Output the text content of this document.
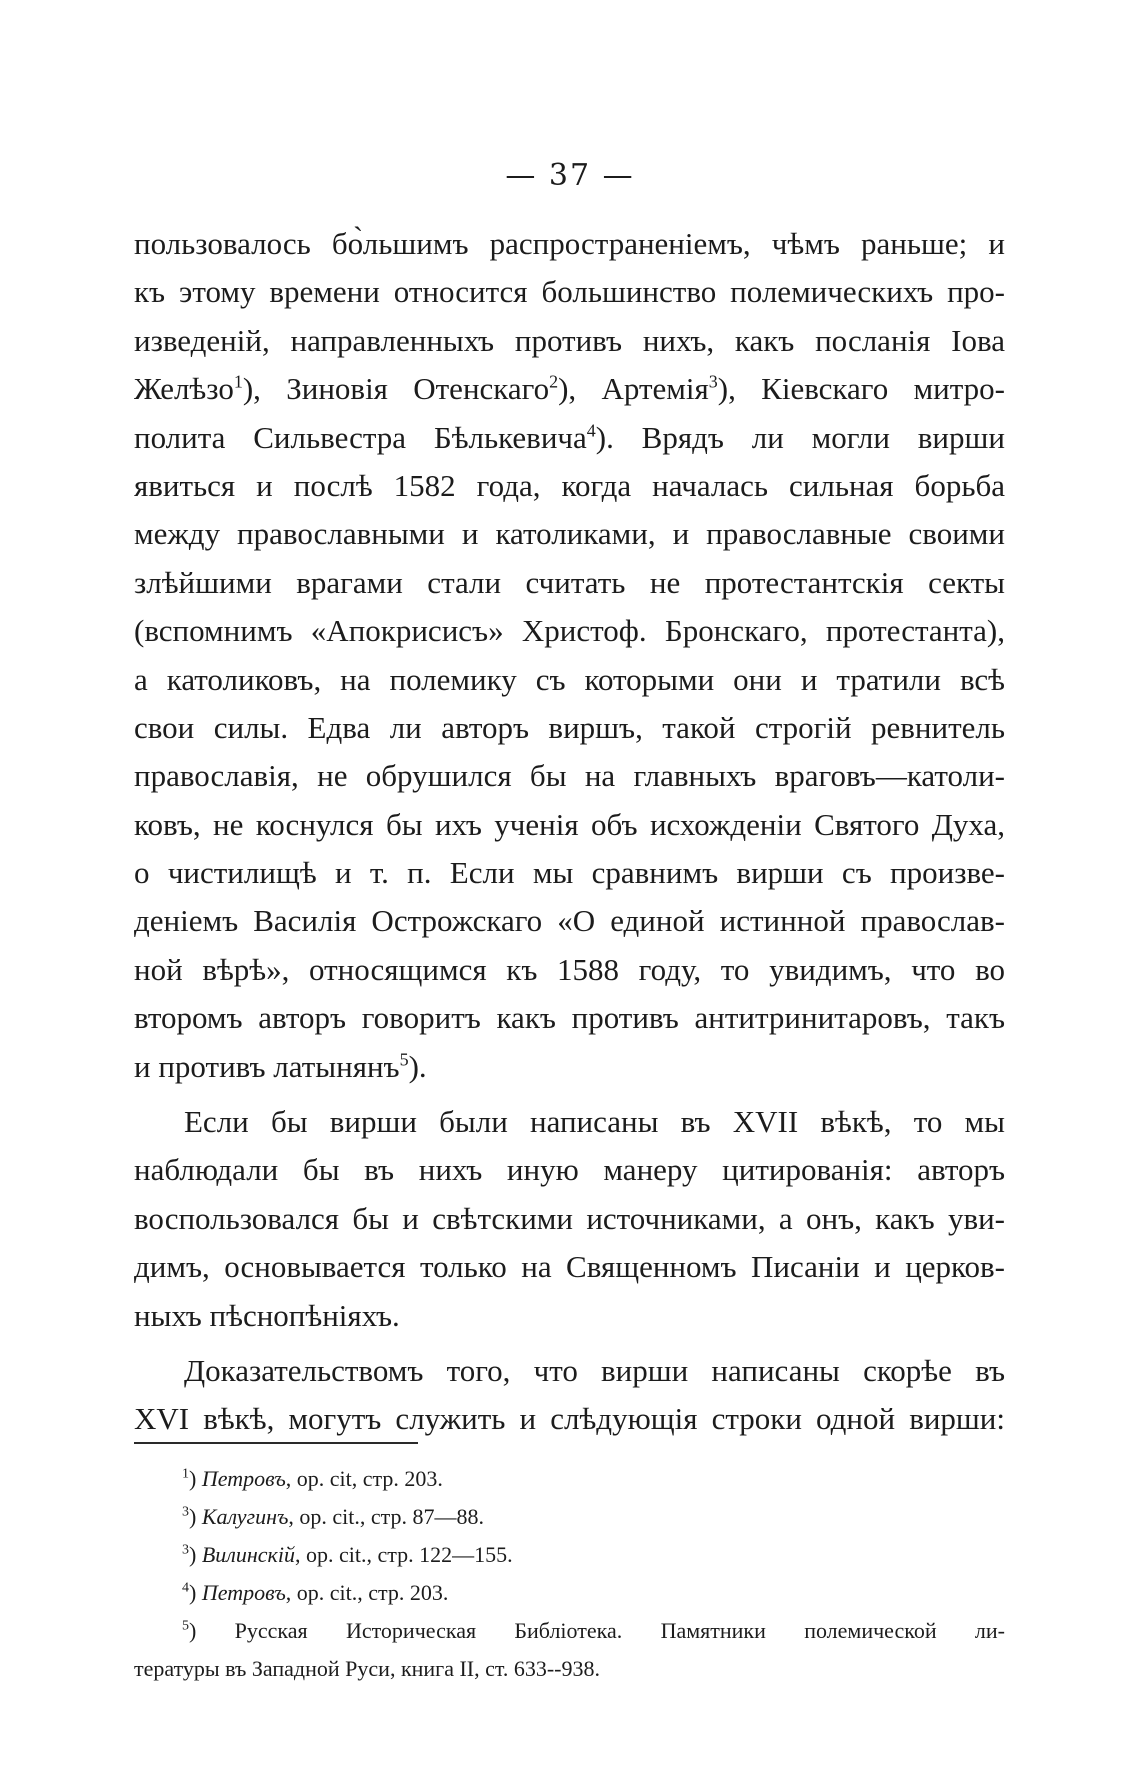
— 37 —
пользовалось бо̀льшимъ распространеніемъ, чѣмъ раньше; и
къ этому времени относится большинство полемическихъ про-
изведеній, направленныхъ противъ нихъ, какъ посланія Іова
Желѣзо$^1$), Зиновія Отенскаго$^2$), Артемія$^3$), Кіевскаго митро-
полита Сильвестра Бѣлькевича$^4$). Врядъ ли могли вирши
явиться и послѣ 1582 года, когда началась сильная борьба
между православными и католиками, и православные своими
злѣйшими врагами стали считать не протестантскія секты
(вспомнимъ «Апокрисисъ» Христоф. Бронскаго, протестанта),
а католиковъ, на полемику съ которыми они и тратили всѣ
свои силы. Едва ли авторъ виршъ, такой строгій ревнитель
православія, не обрушился бы на главныхъ враговъ—католи-
ковъ, не коснулся бы ихъ ученія объ исхожденіи Святого Духа,
о чистилищѣ и т. п. Если мы сравнимъ вирши съ произве-
деніемъ Василія Острожскаго «О единой истинной православ-
ной вѣрѣ», относящимся къ 1588 году, то увидимъ, что во
второмъ авторъ говоритъ какъ противъ антитринитаровъ, такъ
и противъ латынянъ$^5$).
Если бы вирши были написаны въ XVII вѣкѣ, то мы
наблюдали бы въ нихъ иную манеру цитированія: авторъ
воспользовался бы и свѣтскими источниками, а онъ, какъ уви-
димъ, основывается только на Священномъ Писаніи и церков-
ныхъ пѣснопѣніяхъ.
Доказательствомъ того, что вирши написаны скорѣе въ
XVI вѣкѣ, могутъ служить и слѣдующія строки одной вирши:
$^1$) Петровъ, op. cit, стр. 203.
$^3$) Калугинъ, op. cit., стр. 87—88.
$^3$) Вилинскій, op. cit., стр. 122—155.
$^4$) Петровъ, op. cit., стр. 203.
$^5$) Русская Историческая Библіотека. Памятники полемической ли-
тературы въ Западной Руси, книга II, ст. 633--938.
